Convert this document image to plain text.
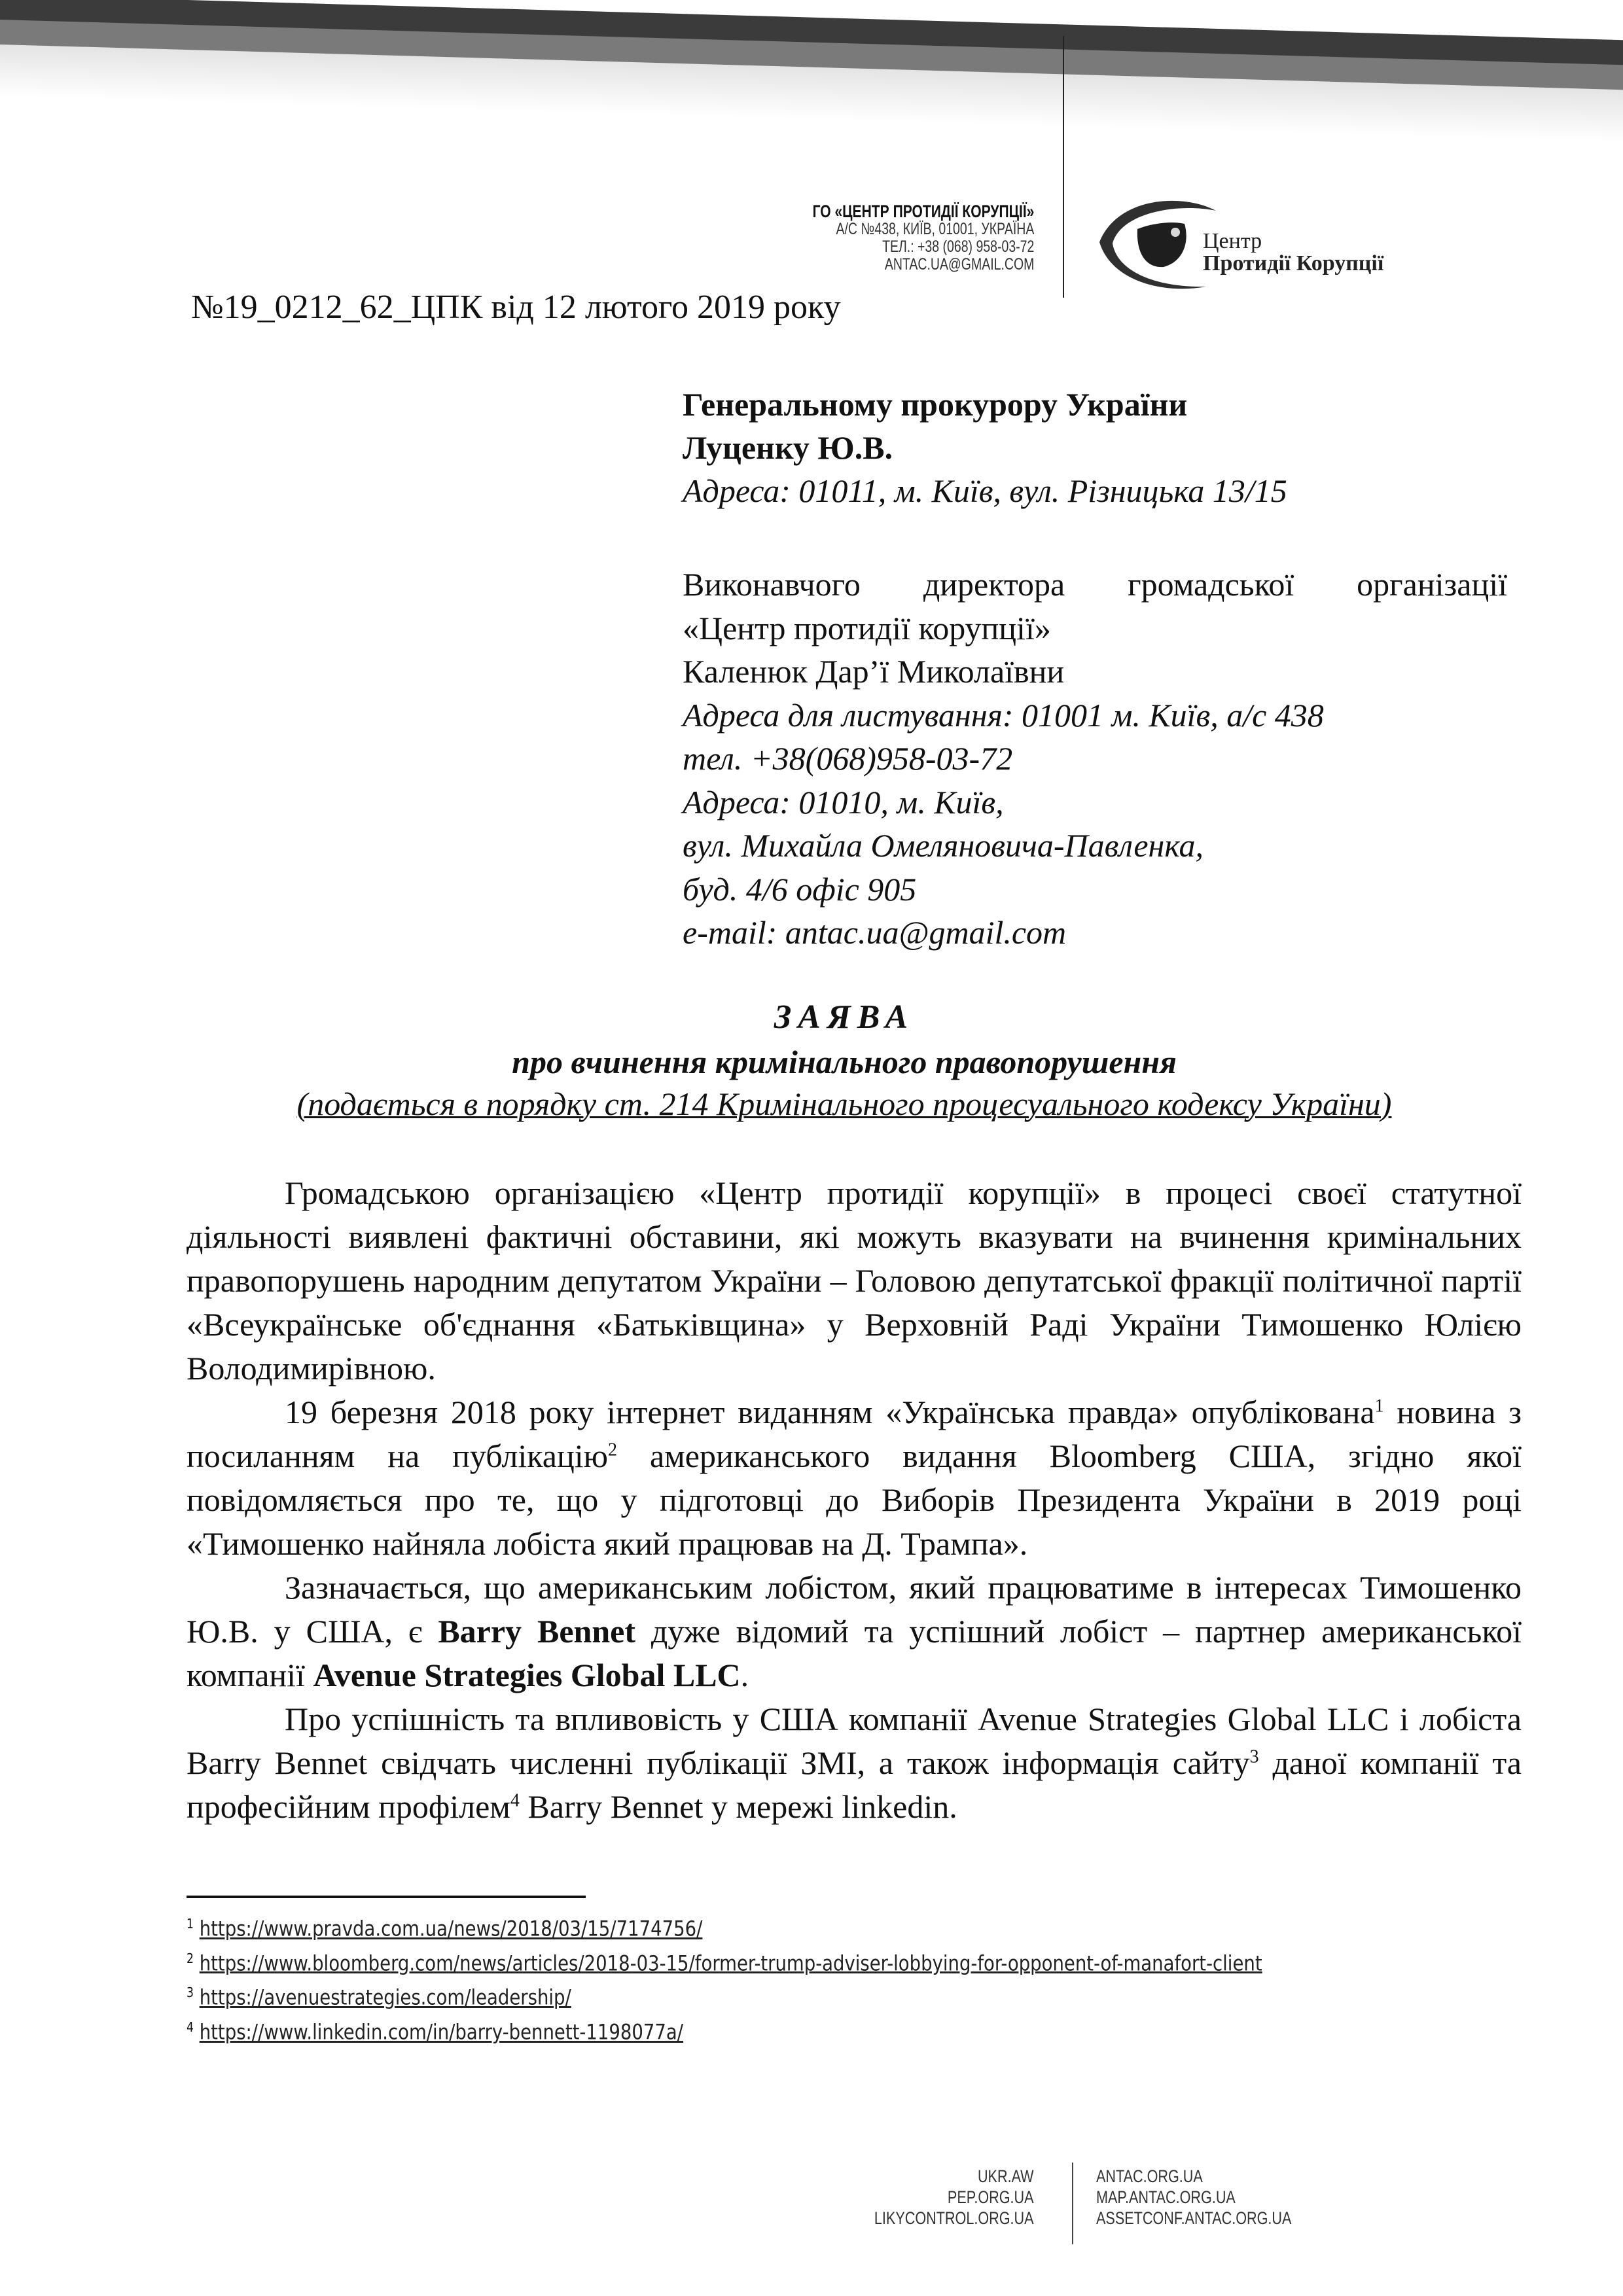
ГО «ЦЕНТР ПРОТИДІЇ КОРУПЦІЇ»
А/С №438, КИЇВ, 01001, УКРАЇНА
ТЕЛ.: +38 (068) 958-03-72
ANTAC.UA@GMAIL.COM
Центр
Протидії Корупції
№19_0212_62_ЦПК від 12 лютого 2019 року
Генеральному прокурору України
Луценку Ю.В.
Адреса: 01011, м. Київ, вул. Різницька 13/15
Виконавчого директора громадської організації
«Центр протидії корупції»
Каленюк Дар’ї Миколаївни
Адреса для листування: 01001 м. Київ, а/с 438
тел. +38(068)958-03-72
Адреса: 01010, м. Київ,
вул. Михайла Омеляновича-Павленка,
буд. 4/6 офіс 905
e-mail: antac.ua@gmail.com
ЗАЯВА
про вчинення кримінального правопорушення
(подається в порядку ст. 214 Кримінального процесуального кодексу України)

Громадською організацією «Центр протидії корупції» в процесі своєї статутної діяльності виявлені фактичні обставини, які можуть вказувати на вчинення кримінальних правопорушень народним депутатом України – Головою депутатської фракції політичної партії «Всеукраїнське об'єднання «Батьківщина» у Верховній Раді України Тимошенко Юлією Володимирівною.

19 березня 2018 року інтернет виданням «Українська правда» опублікована$^1$ новина з посиланням на публікацію$^2$ американського видання Bloomberg США, згідно якої повідомляється про те, що у підготовці до Виборів Президента України в 2019 році «Тимошенко найняла лобіста який працював на Д. Трампа».

Зазначається, що американським лобістом, який працюватиме в інтересах Тимошенко Ю.В. у США, є Barry Bennet дуже відомий та успішний лобіст – партнер американської компанії Avenue Strategies Global LLC.

Про успішність та впливовість у США компанії Avenue Strategies Global LLC і лобіста Barry Bennet свідчать численні публікації ЗМІ, а також інформація сайту$^3$ даної компанії та професійним профілем$^4$ Barry Bennet у мережі linkedin.

$^1$ https://www.pravda.com.ua/news/2018/03/15/7174756/
$^2$ https://www.bloomberg.com/news/articles/2018-03-15/former-trump-adviser-lobbying-for-opponent-of-manafort-client
$^3$ https://avenuestrategies.com/leadership/
$^4$ https://www.linkedin.com/in/barry-bennett-1198077a/
UKR.AW
PEP.ORG.UA
LIKYCONTROL.ORG.UA
ANTAC.ORG.UA
MAP.ANTAC.ORG.UA
ASSETCONF.ANTAC.ORG.UA
